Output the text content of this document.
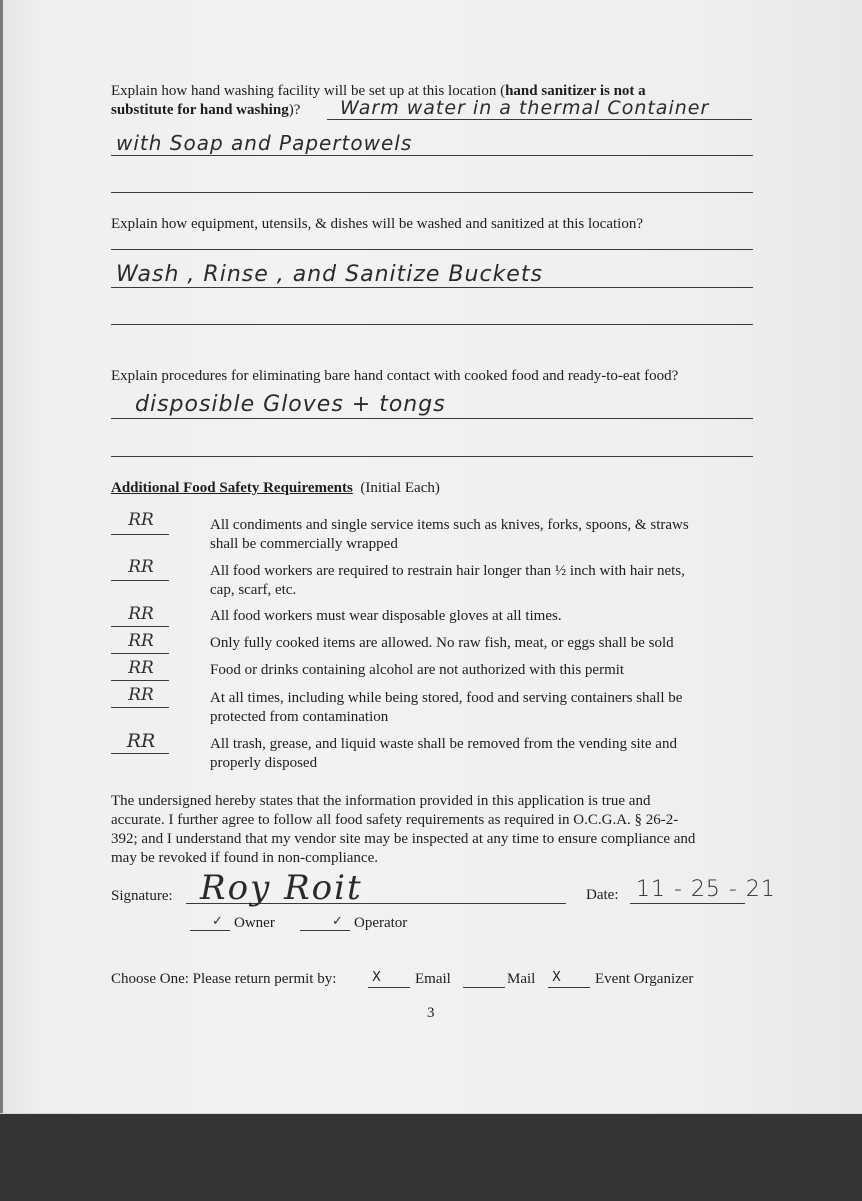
Explain how hand washing facility will be set up at this location (hand sanitizer is not a
substitute for hand washing)? Warm water in a thermal Container
with Soap and Papertowels
Explain how equipment, utensils, & dishes will be washed and sanitized at this location?
Wash , Rinse , and Sanitize Buckets
Explain procedures for eliminating bare hand contact with cooked food and ready-to-eat food?
disposible Gloves + tongs
Additional Food Safety Requirements (Initial Each)
RR	All condiments and single service items such as knives, forks, spoons, & straws
shall be commercially wrapped
RR	All food workers are required to restrain hair longer than ½ inch with hair nets,
cap, scarf, etc.
RR	All food workers must wear disposable gloves at all times.
RR	Only fully cooked items are allowed. No raw fish, meat, or eggs shall be sold
RR	Food or drinks containing alcohol are not authorized with this permit
RR	At all times, including while being stored, food and serving containers shall be
protected from contamination
RR	All trash, grease, and liquid waste shall be removed from the vending site and
properly disposed
The undersigned hereby states that the information provided in this application is true and
accurate. I further agree to follow all food safety requirements as required in O.C.G.A. § 26-2-
392; and I understand that my vendor site may be inspected at any time to ensure compliance and
may be revoked if found in non-compliance.
Signature: Roy Roit	Date: 11 - 25 - 21
✓ Owner	✓ Operator
Choose One: Please return permit by:	X Email	Mail X Event Organizer
3
